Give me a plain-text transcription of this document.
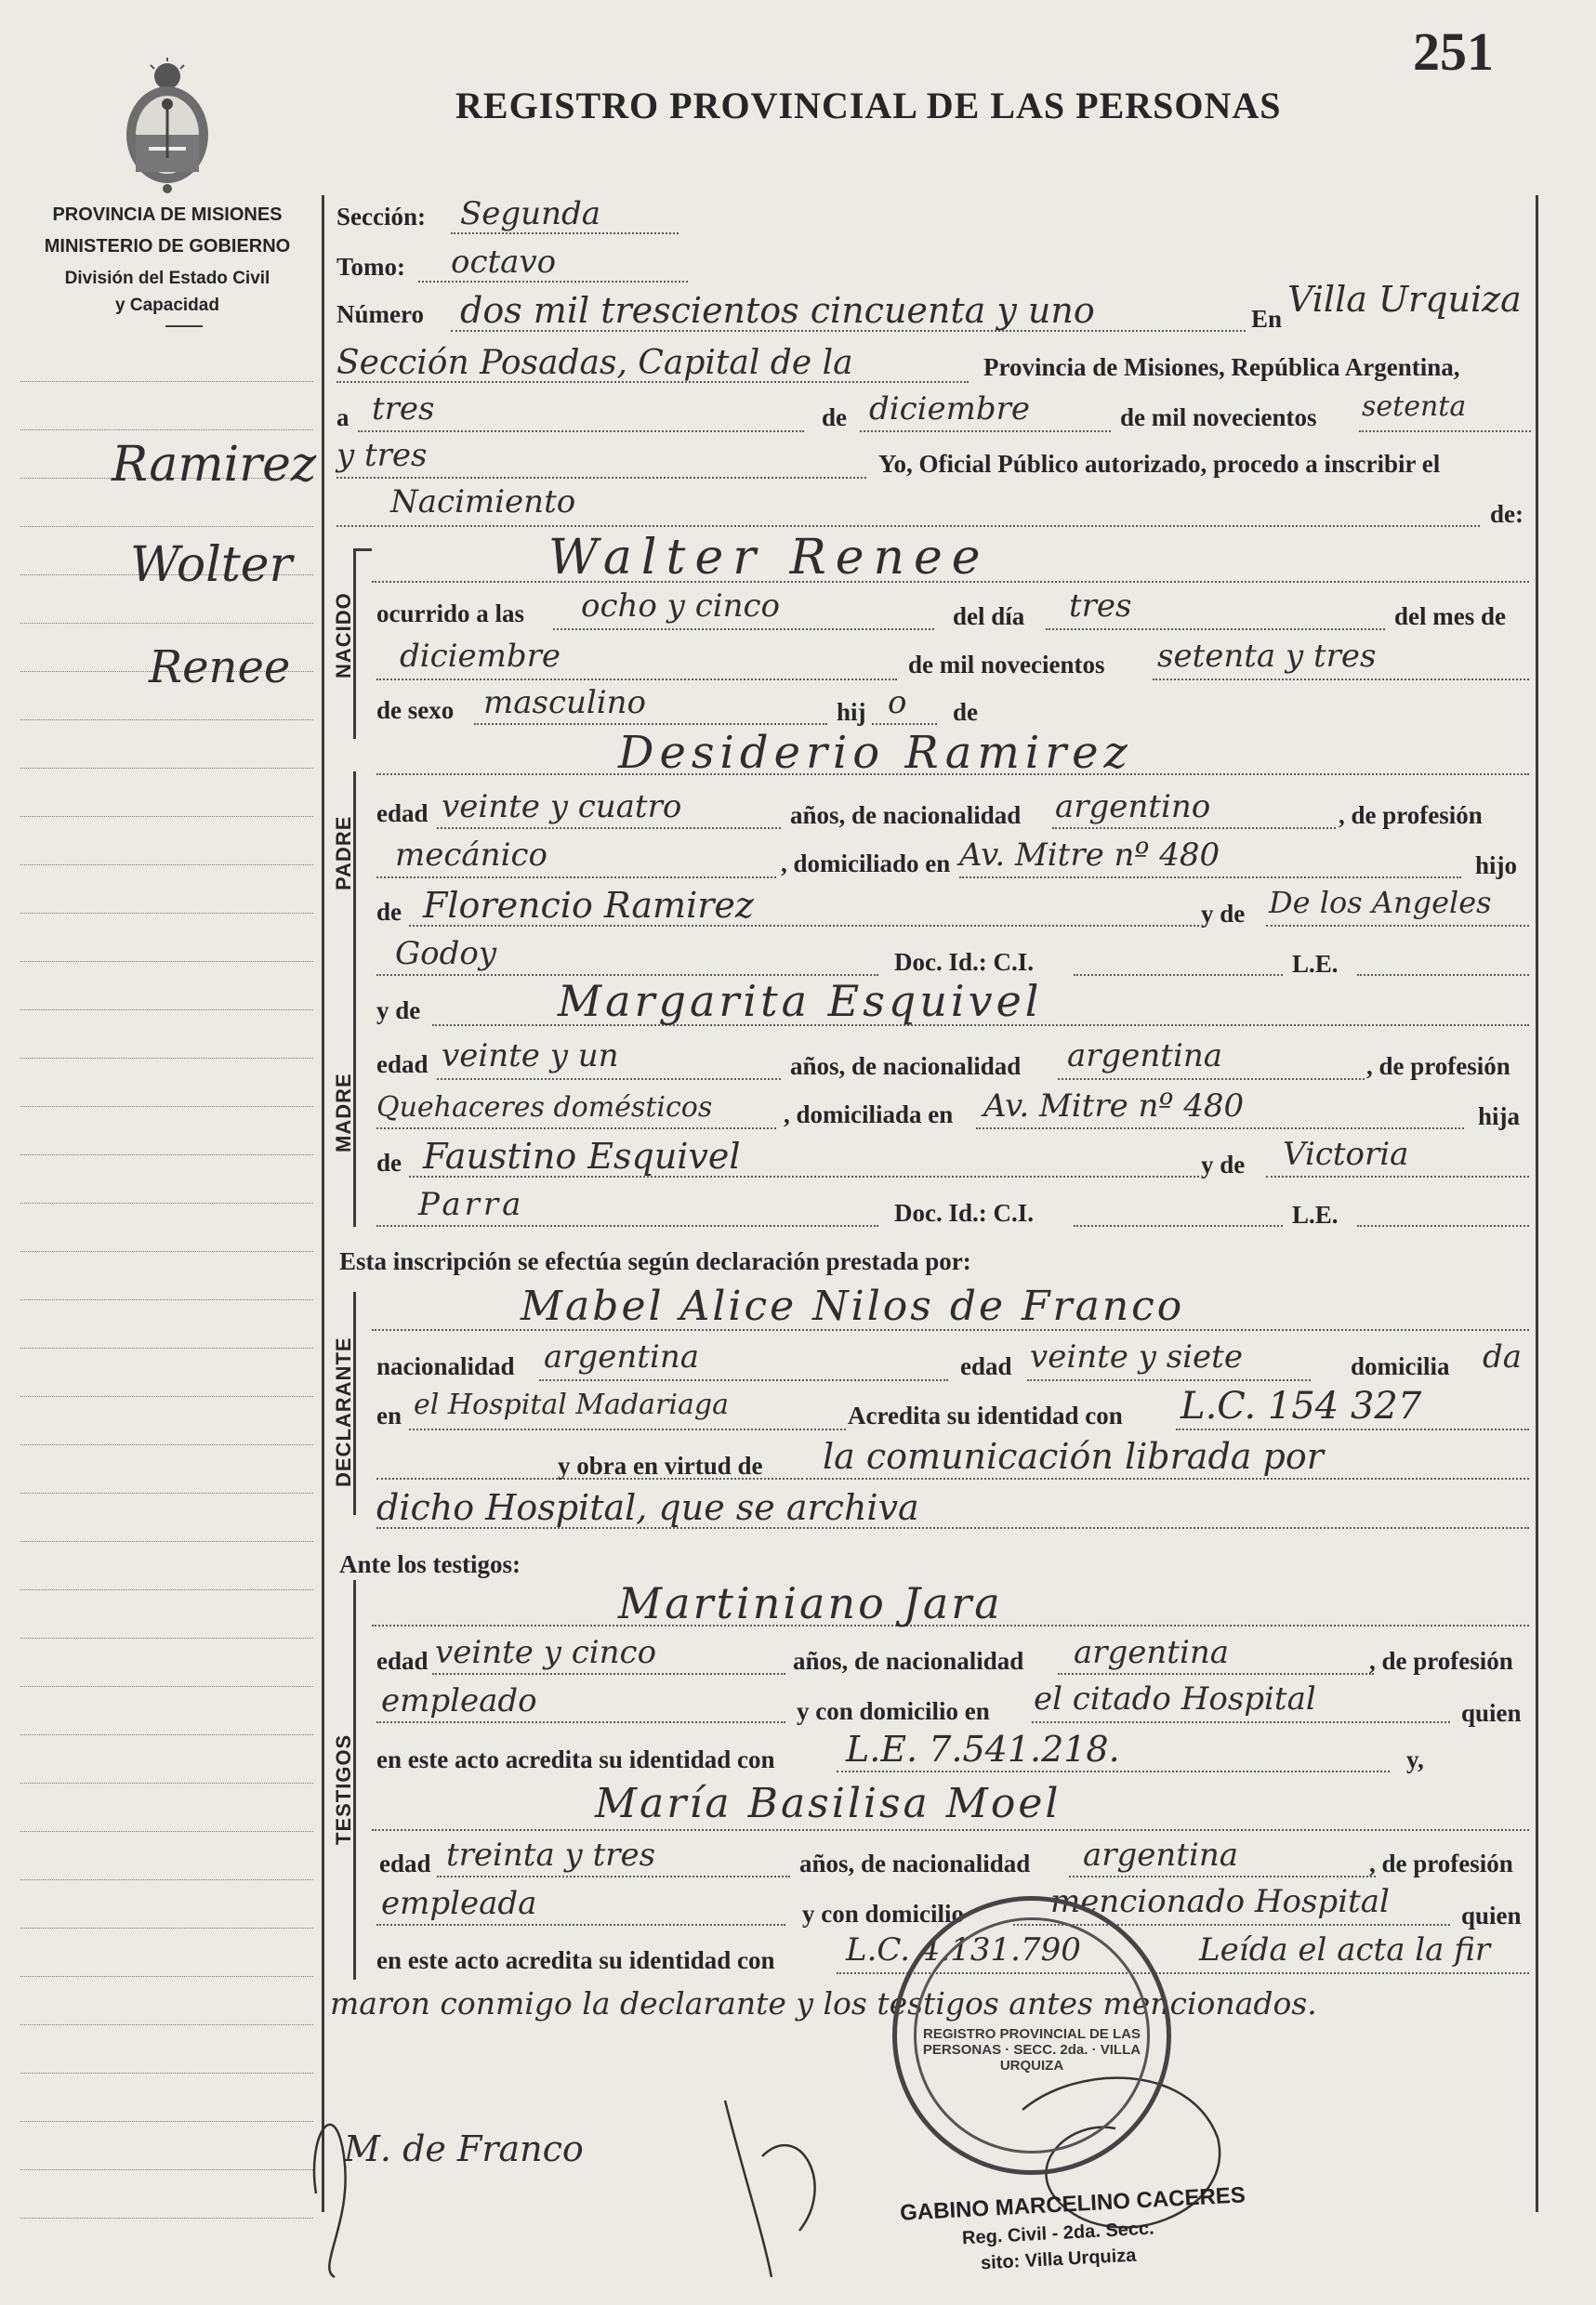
251
REGISTRO PROVINCIAL DE LAS PERSONAS
PROVINCIA DE MISIONES
MINISTERIO DE GOBIERNO
División del Estado Civil
y Capacidad
Ramirez
Wolter
Renee NACIDO
PADRE
MADRE
DECLARANTE
TESTIGOS
Sección: Segunda
Tomo: octavo
Número dos mil trescientos cincuenta y uno	En Villa Urquiza
Sección Posadas, Capital de la	Provincia de Misiones, República Argentina,
a tres	de diciembre	de mil novecientos setenta
y tres	Yo, Oficial Público autorizado, procedo a inscribir el
Nacimiento	de:
Walter Renee
ocurrido a las ocho y cinco	del día tres	del mes de
diciembre	de mil novecientos setenta y tres
de sexo masculino	hij o de
Desiderio Ramirez
edad veinte y cuatro	años, de nacionalidad argentino	, de profesión
mecánico	, domiciliado en Av. Mitre nº 480	hijo
de Florencio Ramirez	y de De los Angeles
Godoy	Doc. Id.: C.I.	L.E.
y de	Margarita Esquivel
edad veinte y un	años, de nacionalidad argentina	, de profesión
Quehaceres domésticos	, domiciliada en Av. Mitre nº 480	hija
de Faustino Esquivel	y de Victoria
Parra	Doc. Id.: C.I.	L.E.
Esta inscripción se efectúa según declaración prestada por:
Mabel Alice Nilos de Franco
nacionalidad argentina	edad veinte y siete	domicilia da
en el Hospital Madariaga	Acredita su identidad con L.C. 154 327
y obra en virtud de la comunicación librada por
dicho Hospital, que se archiva
Ante los testigos:
Martiniano Jara
edad veinte y cinco	años, de nacionalidad argentina	, de profesión
empleado	y con domicilio en el citado Hospital	quien
en este acto acredita su identidad con L.E. 7.541.218.	y,
María Basilisa Moel
edad treinta y tres	años, de nacionalidad argentina	, de profesión
empleada	y con domicilio	mencionado Hospital	quien
en este acto acredita su identidad con L.C. 4.131.790	Leída el acta la fir
maron conmigo la declarante y los testigos antes mencionados.
M. de Franco
REGISTRO PROVINCIAL DE LAS PERSONAS · SECC. 2da. · VILLA URQUIZA
GABINO MARCELINO CACERES
Reg. Civil - 2da. Secc.
sito: Villa Urquiza
